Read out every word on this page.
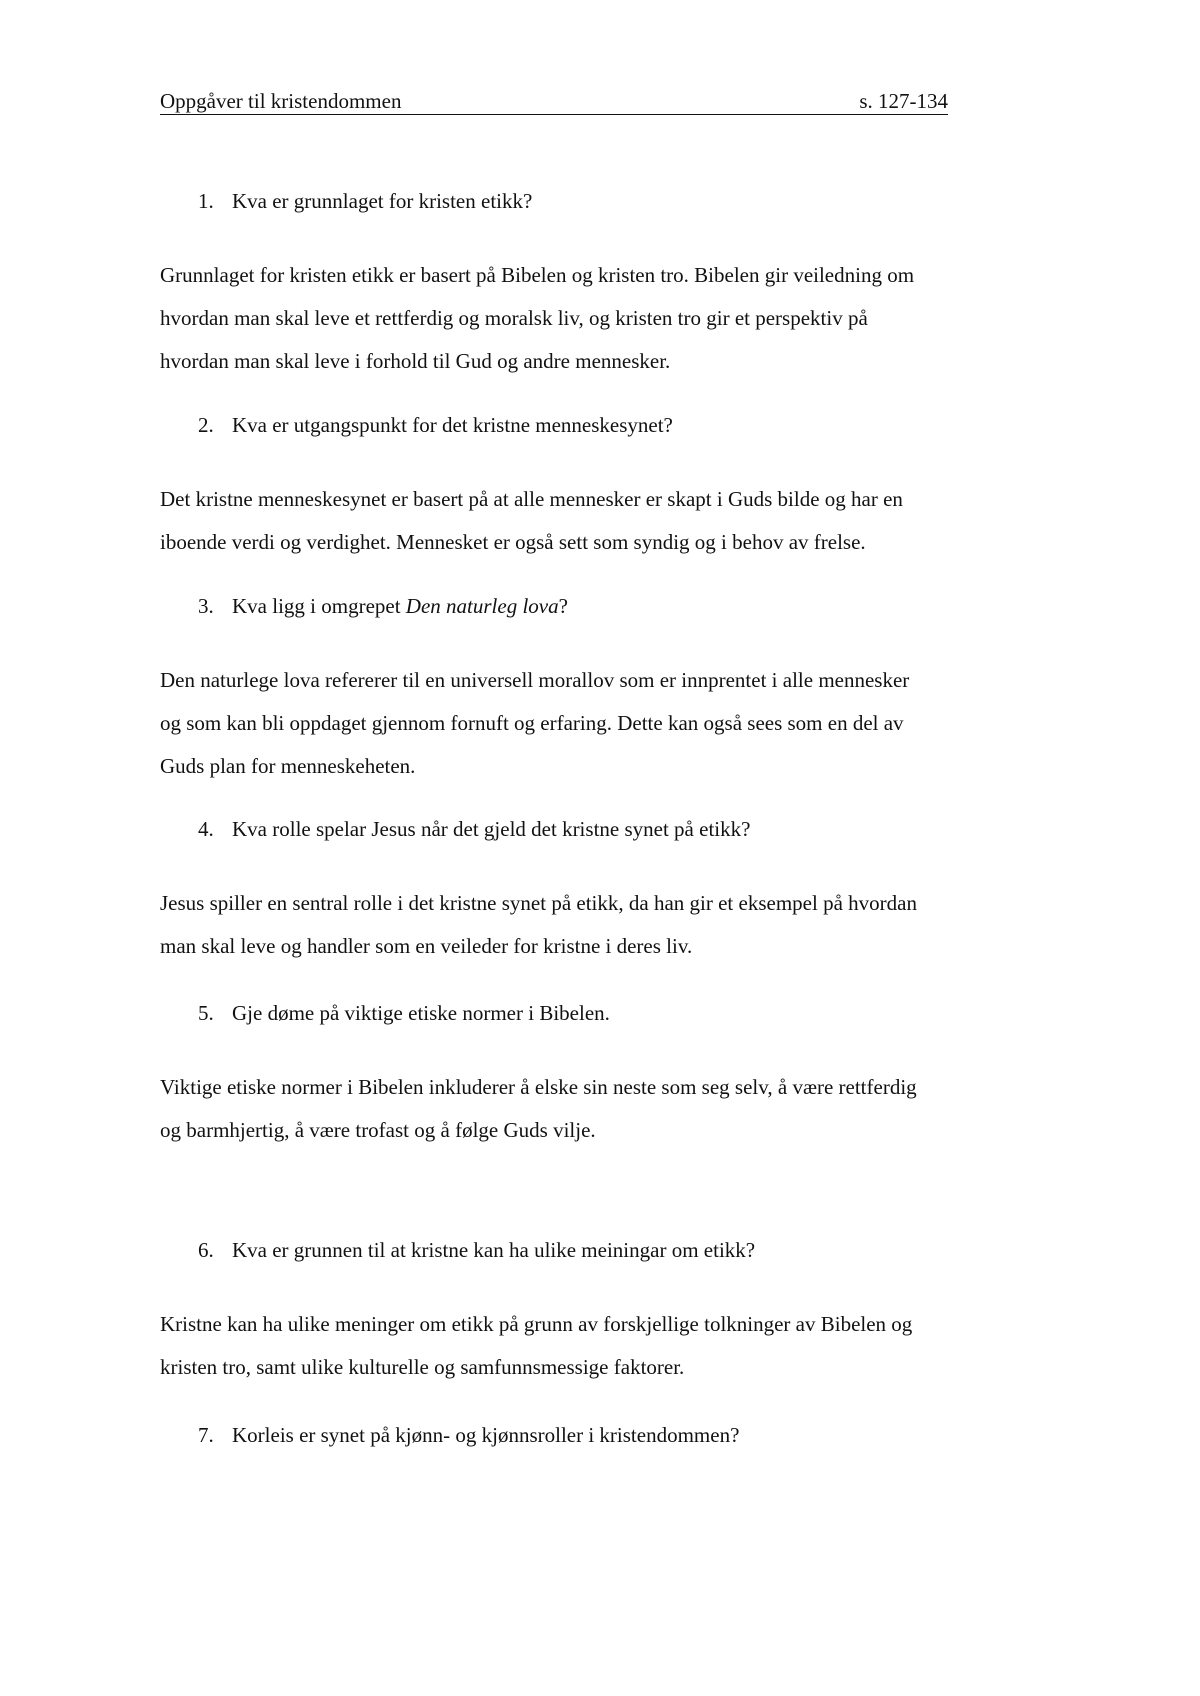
Oppgåver til kristendommen	s. 127-134
1. Kva er grunnlaget for kristen etikk?
Grunnlaget for kristen etikk er basert på Bibelen og kristen tro. Bibelen gir veiledning om
hvordan man skal leve et rettferdig og moralsk liv, og kristen tro gir et perspektiv på
hvordan man skal leve i forhold til Gud og andre mennesker.
2. Kva er utgangspunkt for det kristne menneskesynet?
Det kristne menneskesynet er basert på at alle mennesker er skapt i Guds bilde og har en
iboende verdi og verdighet. Mennesket er også sett som syndig og i behov av frelse.
3. Kva ligg i omgrepet Den naturleg lova?
Den naturlege lova refererer til en universell morallov som er innprentet i alle mennesker
og som kan bli oppdaget gjennom fornuft og erfaring. Dette kan også sees som en del av
Guds plan for menneskeheten.
4. Kva rolle spelar Jesus når det gjeld det kristne synet på etikk?
Jesus spiller en sentral rolle i det kristne synet på etikk, da han gir et eksempel på hvordan
man skal leve og handler som en veileder for kristne i deres liv.
5. Gje døme på viktige etiske normer i Bibelen.
Viktige etiske normer i Bibelen inkluderer å elske sin neste som seg selv, å være rettferdig
og barmhjertig, å være trofast og å følge Guds vilje.
6. Kva er grunnen til at kristne kan ha ulike meiningar om etikk?
Kristne kan ha ulike meninger om etikk på grunn av forskjellige tolkninger av Bibelen og
kristen tro, samt ulike kulturelle og samfunnsmessige faktorer.
7. Korleis er synet på kjønn- og kjønnsroller i kristendommen?
